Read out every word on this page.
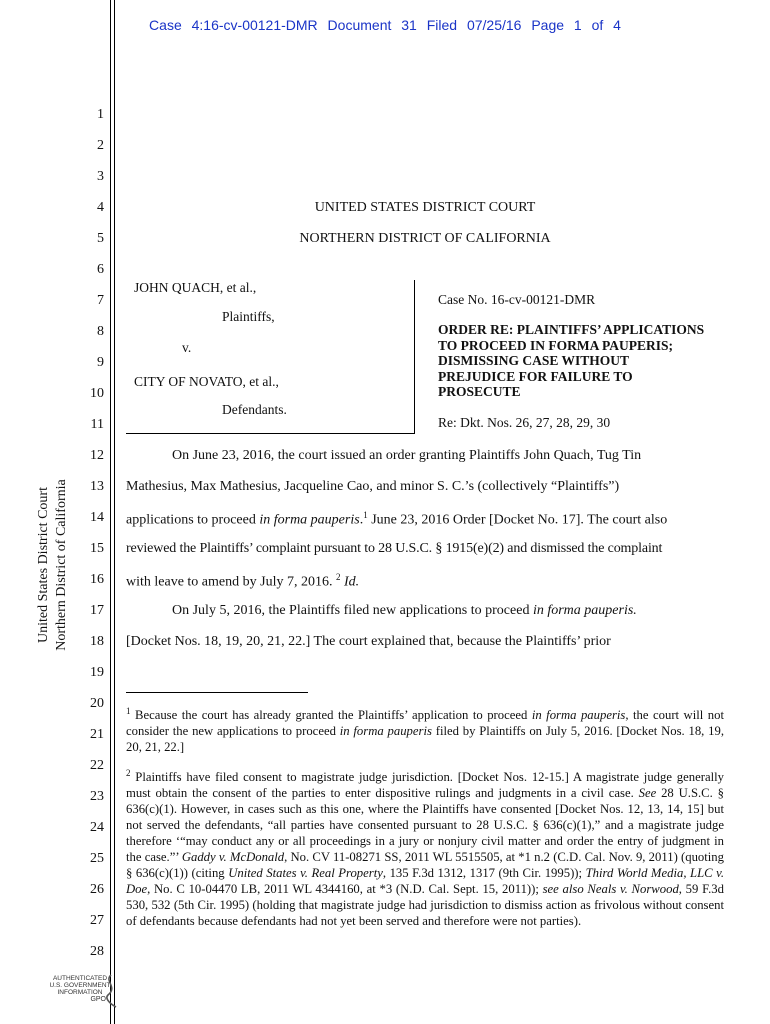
Case 4:16-cv-00121-DMR Document 31 Filed 07/25/16 Page 1 of 4
United States District Court Northern District of California
1
2
3
4
5
6
7
8
9
10
11
12
13
14
15
16
17
18
19
20
21
22
23
24
25
26
27
28
UNITED STATES DISTRICT COURT
NORTHERN DISTRICT OF CALIFORNIA
JOHN QUACH, et al.,
Plaintiffs,
v.
CITY OF NOVATO, et al.,
Defendants.
Case No. 16-cv-00121-DMR
ORDER RE: PLAINTIFFS’ APPLICATIONS TO PROCEED IN FORMA PAUPERIS; DISMISSING CASE WITHOUT PREJUDICE FOR FAILURE TO PROSECUTE
Re: Dkt. Nos. 26, 27, 28, 29, 30
On June 23, 2016, the court issued an order granting Plaintiffs John Quach, Tug Tin
Mathesius, Max Mathesius, Jacqueline Cao, and minor S. C.’s (collectively “Plaintiffs”)
applications to proceed in forma pauperis.$^1$ June 23, 2016 Order [Docket No. 17]. The court also
reviewed the Plaintiffs’ complaint pursuant to 28 U.S.C. § 1915(e)(2) and dismissed the complaint
with leave to amend by July 7, 2016. $^2$ Id.
On July 5, 2016, the Plaintiffs filed new applications to proceed in forma pauperis.
[Docket Nos. 18, 19, 20, 21, 22.] The court explained that, because the Plaintiffs’ prior
$^1$ Because the court has already granted the Plaintiffs’ application to proceed in forma pauperis, the court will not consider the new applications to proceed in forma pauperis filed by Plaintiffs on July 5, 2016. [Docket Nos. 18, 19, 20, 21, 22.]
$^2$ Plaintiffs have filed consent to magistrate judge jurisdiction. [Docket Nos. 12-15.] A magistrate judge generally must obtain the consent of the parties to enter dispositive rulings and judgments in a civil case. See 28 U.S.C. § 636(c)(1). However, in cases such as this one, where the Plaintiffs have consented [Docket Nos. 12, 13, 14, 15] but not served the defendants, “all parties have consented pursuant to 28 U.S.C. § 636(c)(1),” and a magistrate judge therefore ‘“may conduct any or all proceedings in a jury or nonjury civil matter and order the entry of judgment in the case.”’ Gaddy v. McDonald, No. CV 11-08271 SS, 2011 WL 5515505, at *1 n.2 (C.D. Cal. Nov. 9, 2011) (quoting § 636(c)(1)) (citing United States v. Real Property, 135 F.3d 1312, 1317 (9th Cir. 1995)); Third World Media, LLC v. Doe, No. C 10-04470 LB, 2011 WL 4344160, at *3 (N.D. Cal. Sept. 15, 2011)); see also Neals v. Norwood, 59 F.3d 530, 532 (5th Cir. 1995) (holding that magistrate judge had jurisdiction to dismiss action as frivolous without consent of defendants because defendants had not yet been served and therefore were not parties).
AUTHENTICATED
U.S. GOVERNMENT
INFORMATION
GPO
